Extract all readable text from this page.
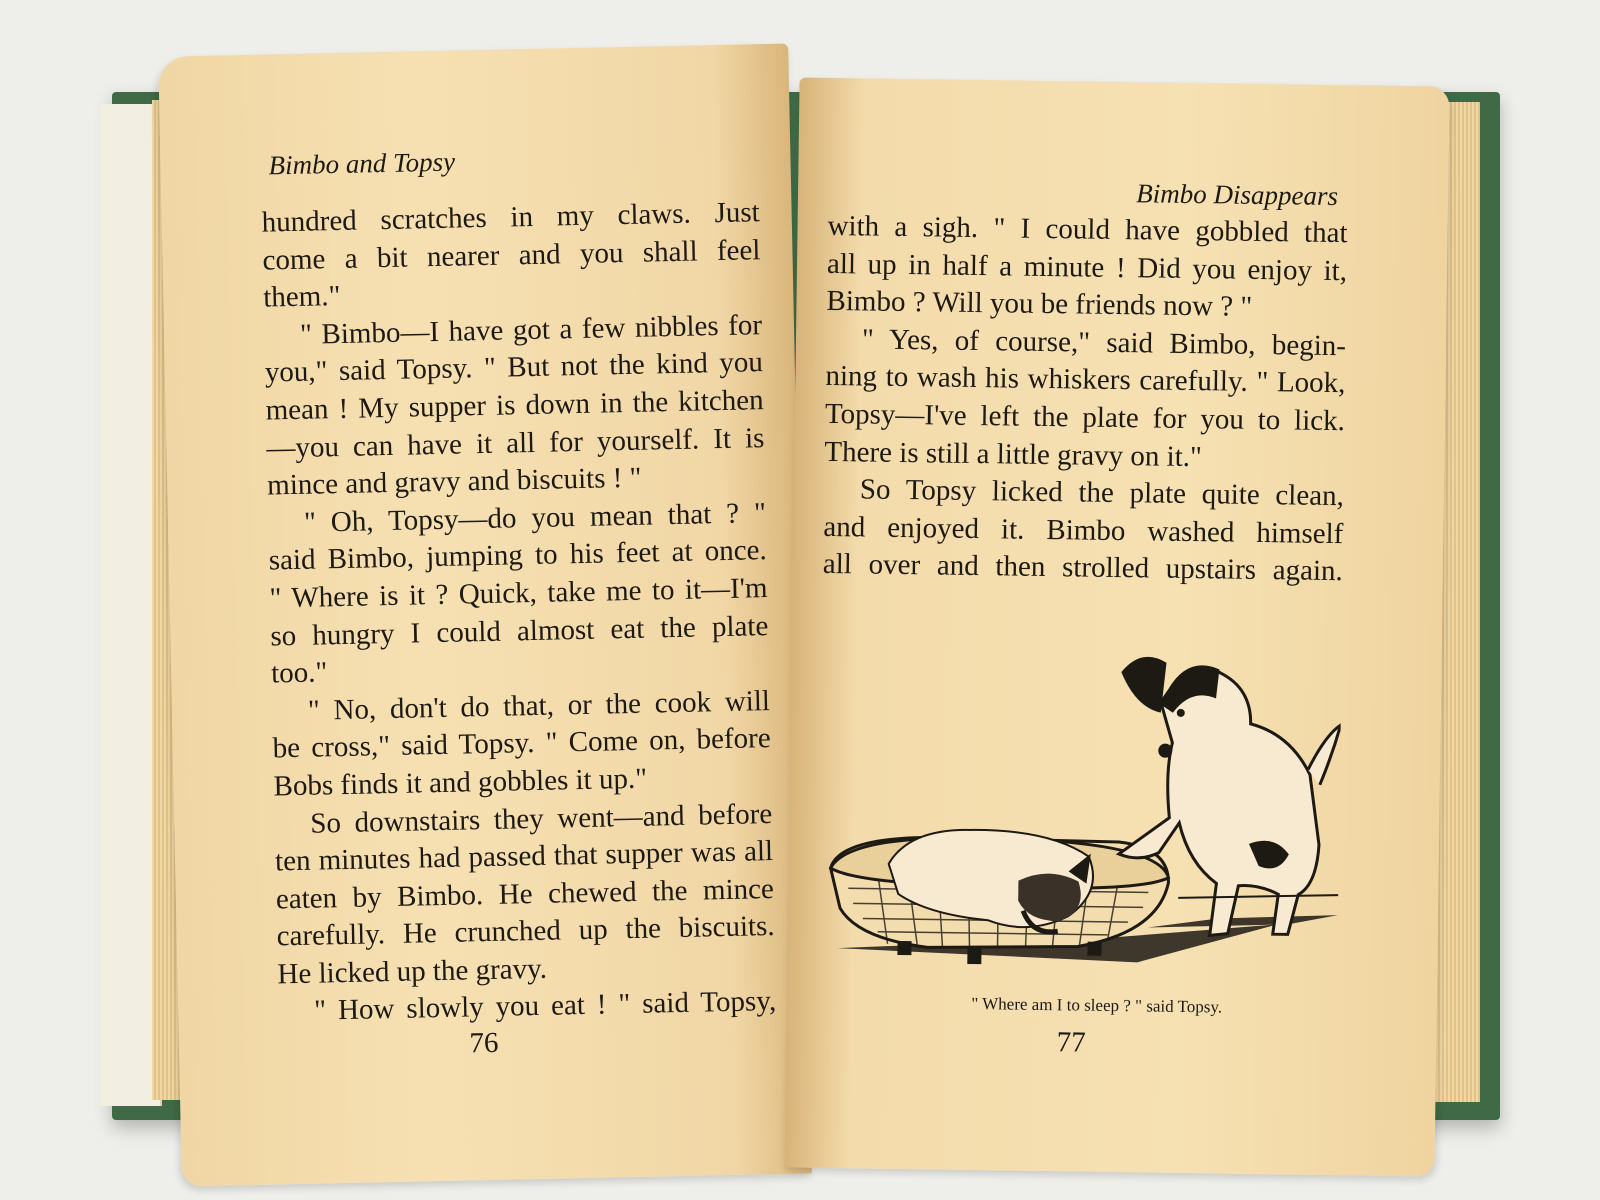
Bimbo and Topsy
hundred scratches in my claws. Just
come a bit nearer and you shall feel
them."
" Bimbo—I have got a few nibbles for
you," said Topsy. " But not the kind you
mean ! My supper is down in the kitchen
—you can have it all for yourself. It is
mince and gravy and biscuits ! "
" Oh, Topsy—do you mean that ? "
said Bimbo, jumping to his feet at once.
" Where is it ? Quick, take me to it—I'm
so hungry I could almost eat the plate
too."
" No, don't do that, or the cook will
be cross," said Topsy. " Come on, before
Bobs finds it and gobbles it up."
So downstairs they went—and before
ten minutes had passed that supper was all
eaten by Bimbo. He chewed the mince
carefully. He crunched up the biscuits.
He licked up the gravy.
" How slowly you eat ! " said Topsy,
76
Bimbo Disappears
with a sigh. " I could have gobbled that
all up in half a minute ! Did you enjoy it,
Bimbo ? Will you be friends now ? "
" Yes, of course," said Bimbo, begin-
ning to wash his whiskers carefully. " Look,
Topsy—I've left the plate for you to lick.
There is still a little gravy on it."
So Topsy licked the plate quite clean,
and enjoyed it. Bimbo washed himself
all over and then strolled upstairs again.
" Where am I to sleep ? " said Topsy.
77
